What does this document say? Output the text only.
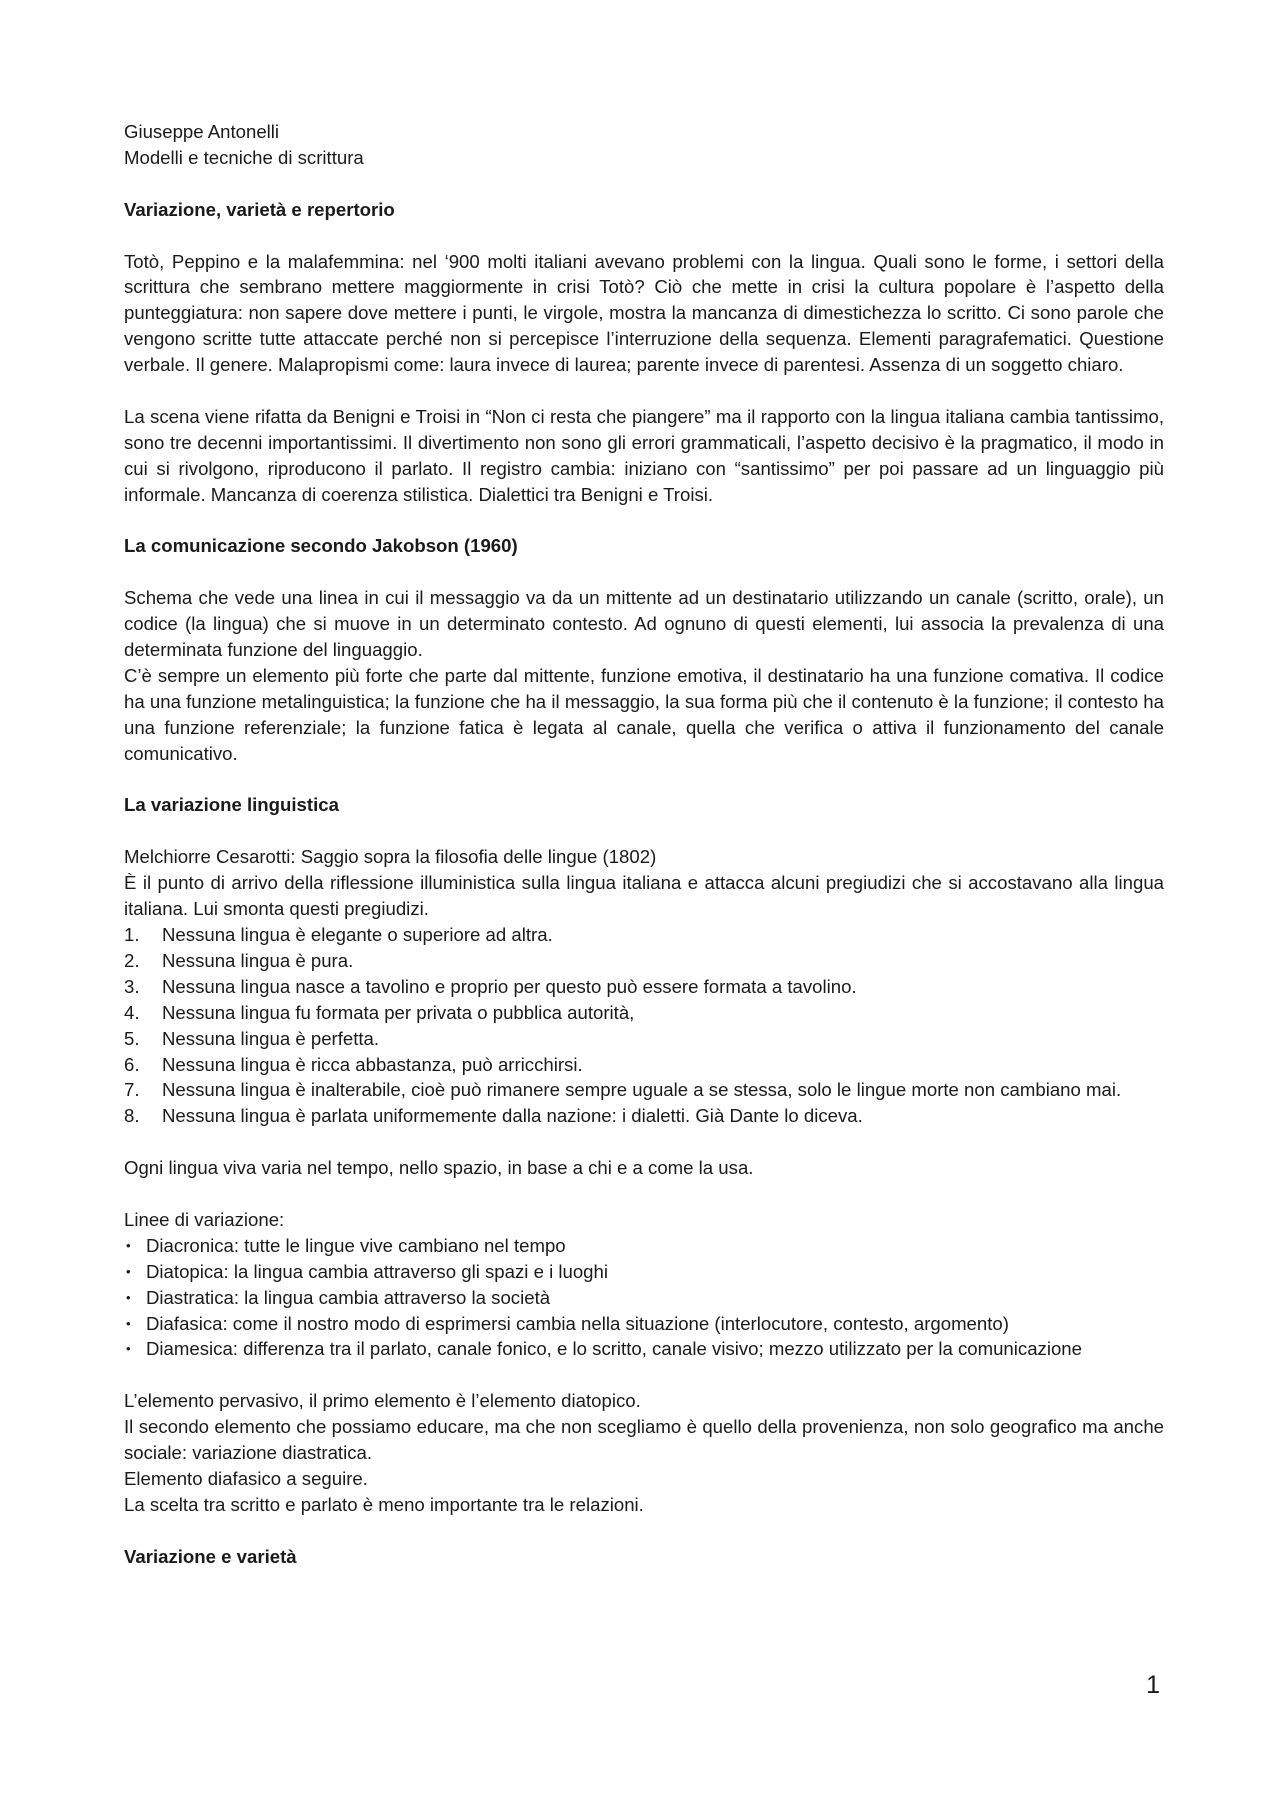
Giuseppe Antonelli

Modelli e tecniche di scrittura

Variazione, varietà e repertorio

Totò, Peppino e la malafemmina: nel ‘900 molti italiani avevano problemi con la lingua. Quali sono le forme, i settori della scrittura che sembrano mettere maggiormente in crisi Totò? Ciò che mette in crisi la cultura popolare è l’aspetto della punteggiatura: non sapere dove mettere i punti, le virgole, mostra la mancanza di dimestichezza lo scritto. Ci sono parole che vengono scritte tutte attaccate perché non si percepisce l’interruzione della sequenza. Elementi paragrafematici. Questione verbale. Il genere. Malapropismi come: laura invece di laurea; parente invece di parentesi. Assenza di un soggetto chiaro.

La scena viene rifatta da Benigni e Troisi in “Non ci resta che piangere” ma il rapporto con la lingua italiana cambia tantissimo, sono tre decenni importantissimi. Il divertimento non sono gli errori grammaticali, l’aspetto decisivo è la pragmatico, il modo in cui si rivolgono, riproducono il parlato. Il registro cambia: iniziano con “santissimo” per poi passare ad un linguaggio più informale. Mancanza di coerenza stilistica. Dialettici tra Benigni e Troisi.

La comunicazione secondo Jakobson (1960)

Schema che vede una linea in cui il messaggio va da un mittente ad un destinatario utilizzando un canale (scritto, orale), un codice (la lingua) che si muove in un determinato contesto. Ad ognuno di questi elementi, lui associa la prevalenza di una determinata funzione del linguaggio.

C’è sempre un elemento più forte che parte dal mittente, funzione emotiva, il destinatario ha una funzione comativa. Il codice ha una funzione metalinguistica; la funzione che ha il messaggio, la sua forma più che il contenuto è la funzione; il contesto ha una funzione referenziale; la funzione fatica è legata al canale, quella che verifica o attiva il funzionamento del canale comunicativo.

La variazione linguistica

Melchiorre Cesarotti: Saggio sopra la filosofia delle lingue (1802)

È il punto di arrivo della riflessione illuministica sulla lingua italiana e attacca alcuni pregiudizi che si accostavano alla lingua italiana. Lui smonta questi pregiudizi.

1.	Nessuna lingua è elegante o superiore ad altra.
2.	Nessuna lingua è pura.
3.	Nessuna lingua nasce a tavolino e proprio per questo può essere formata a tavolino.
4.	Nessuna lingua fu formata per privata o pubblica autorità,
5.	Nessuna lingua è perfetta.
6.	Nessuna lingua è ricca abbastanza, può arricchirsi.
7.	Nessuna lingua è inalterabile, cioè può rimanere sempre uguale a se stessa, solo le lingue morte non cambiano mai.
8.	Nessuna lingua è parlata uniformemente dalla nazione: i dialetti. Già Dante lo diceva.

Ogni lingua viva varia nel tempo, nello spazio, in base a chi e a come la usa.

Linee di variazione:

• Diacronica: tutte le lingue vive cambiano nel tempo
• Diatopica: la lingua cambia attraverso gli spazi e i luoghi
• Diastratica: la lingua cambia attraverso la società
• Diafasica: come il nostro modo di esprimersi cambia nella situazione (interlocutore, contesto, argomento)
• Diamesica: differenza tra il parlato, canale fonico, e lo scritto, canale visivo; mezzo utilizzato per la comunicazione

L’elemento pervasivo, il primo elemento è l’elemento diatopico.

Il secondo elemento che possiamo educare, ma che non scegliamo è quello della provenienza, non solo geografico ma anche sociale: variazione diastratica.

Elemento diafasico a seguire.

La scelta tra scritto e parlato è meno importante tra le relazioni.

Variazione e varietà

1
